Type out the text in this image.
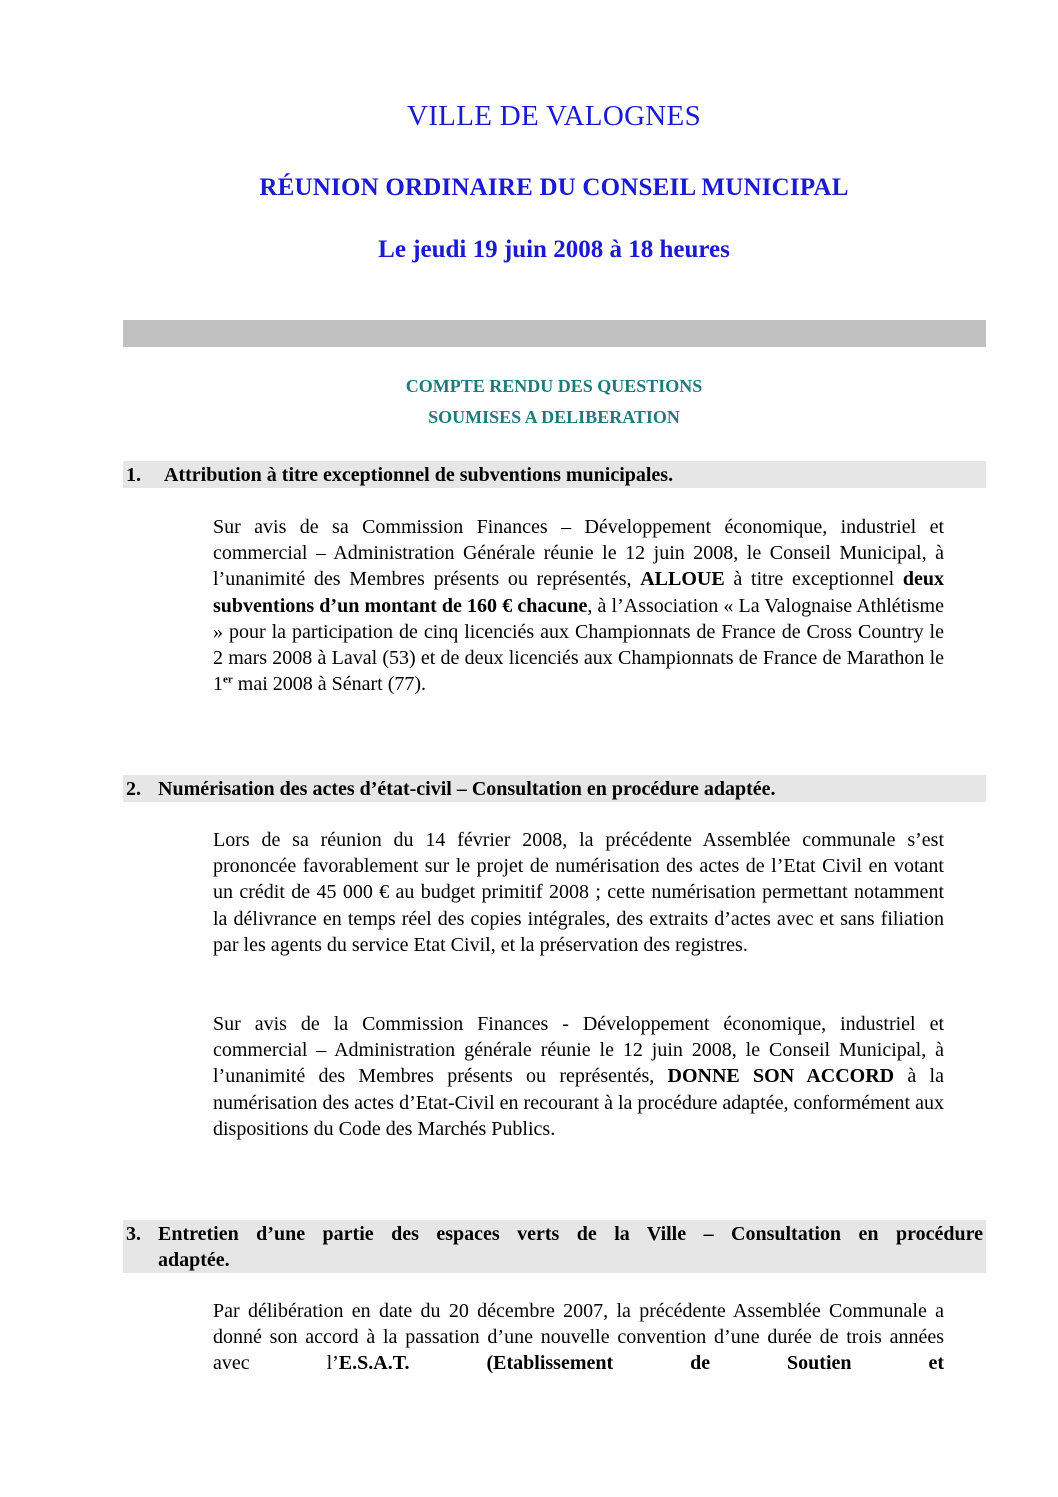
VILLE DE VALOGNES
RÉUNION ORDINAIRE DU CONSEIL MUNICIPAL
Le jeudi 19 juin 2008 à 18 heures
COMPTE RENDU DES QUESTIONS
SOUMISES A DELIBERATION
1. Attribution à titre exceptionnel de subventions municipales.

Sur avis de sa Commission Finances – Développement économique, industriel et commercial – Administration Générale réunie le 12 juin 2008, le Conseil Municipal, à l’unanimité des Membres présents ou représentés, ALLOUE à titre exceptionnel deux subventions d’un montant de 160 € chacune, à l’Association « La Valognaise Athlétisme » pour la participation de cinq licenciés aux Championnats de France de Cross Country le 2 mars 2008 à Laval (53) et de deux licenciés aux Championnats de France de Marathon le 1er mai 2008 à Sénart (77).

2. Numérisation des actes d’état-civil – Consultation en procédure adaptée.

Lors de sa réunion du 14 février 2008, la précédente Assemblée communale s’est prononcée favorablement sur le projet de numérisation des actes de l’Etat Civil en votant un crédit de 45 000 € au budget primitif 2008 ; cette numérisation permettant notamment la délivrance en temps réel des copies intégrales, des extraits d’actes avec et sans filiation par les agents du service Etat Civil, et la préservation des registres.

Sur avis de la Commission Finances - Développement économique, industriel et commercial – Administration générale réunie le 12 juin 2008, le Conseil Municipal, à l’unanimité des Membres présents ou représentés, DONNE SON ACCORD à la numérisation des actes d’Etat-Civil en recourant à la procédure adaptée, conformément aux dispositions du Code des Marchés Publics.

3. Entretien d’une partie des espaces verts de la Ville – Consultation en procédure
adaptée.

Par délibération en date du 20 décembre 2007, la précédente Assemblée Communale a donné son accord à la passation d’une nouvelle convention d’une durée de trois années avec l’E.S.A.T. (Etablissement de Soutien et
